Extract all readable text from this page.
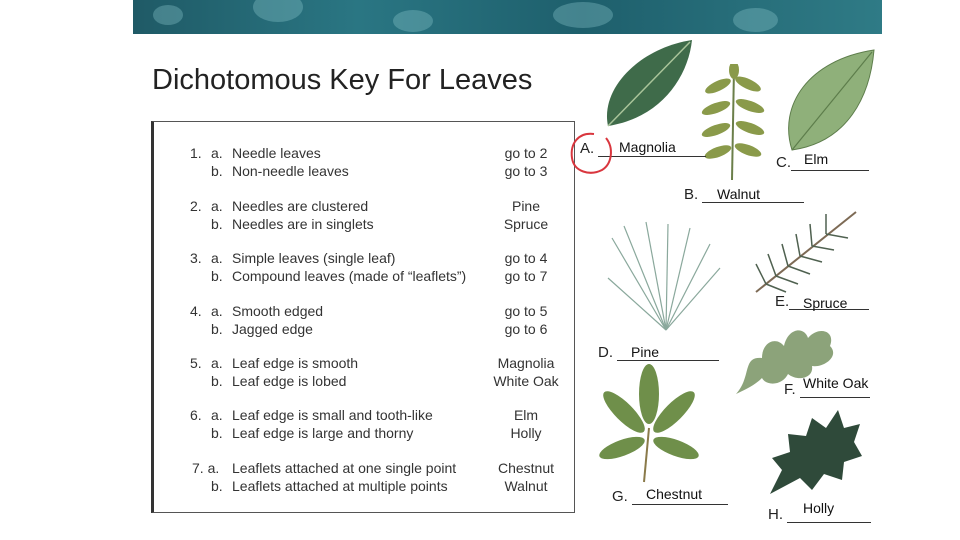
Dichotomous Key For Leaves
1. a. Needle leaves	go to 2
b. Non-needle leaves	go to 3
2. a. Needles are clustered	Pine
b. Needles are in singlets	Spruce
3. a. Simple leaves (single leaf)	go to 4
b. Compound leaves (made of “leaflets”)	go to 7
4. a. Smooth edged	go to 5
b. Jagged edge	go to 6
5. a. Leaf edge is smooth	Magnolia
b. Leaf edge is lobed	White Oak
6. a. Leaf edge is small and tooth-like	Elm
b. Leaf edge is large and thorny	Holly
7. a. Leaflets attached at one single point	Chestnut
b. Leaflets attached at multiple points	Walnut
A.	Magnolia
B.	Walnut
C. Elm
D.	Pine
E. Spruce
F. White Oak
G.	Chestnut
H.	Holly
